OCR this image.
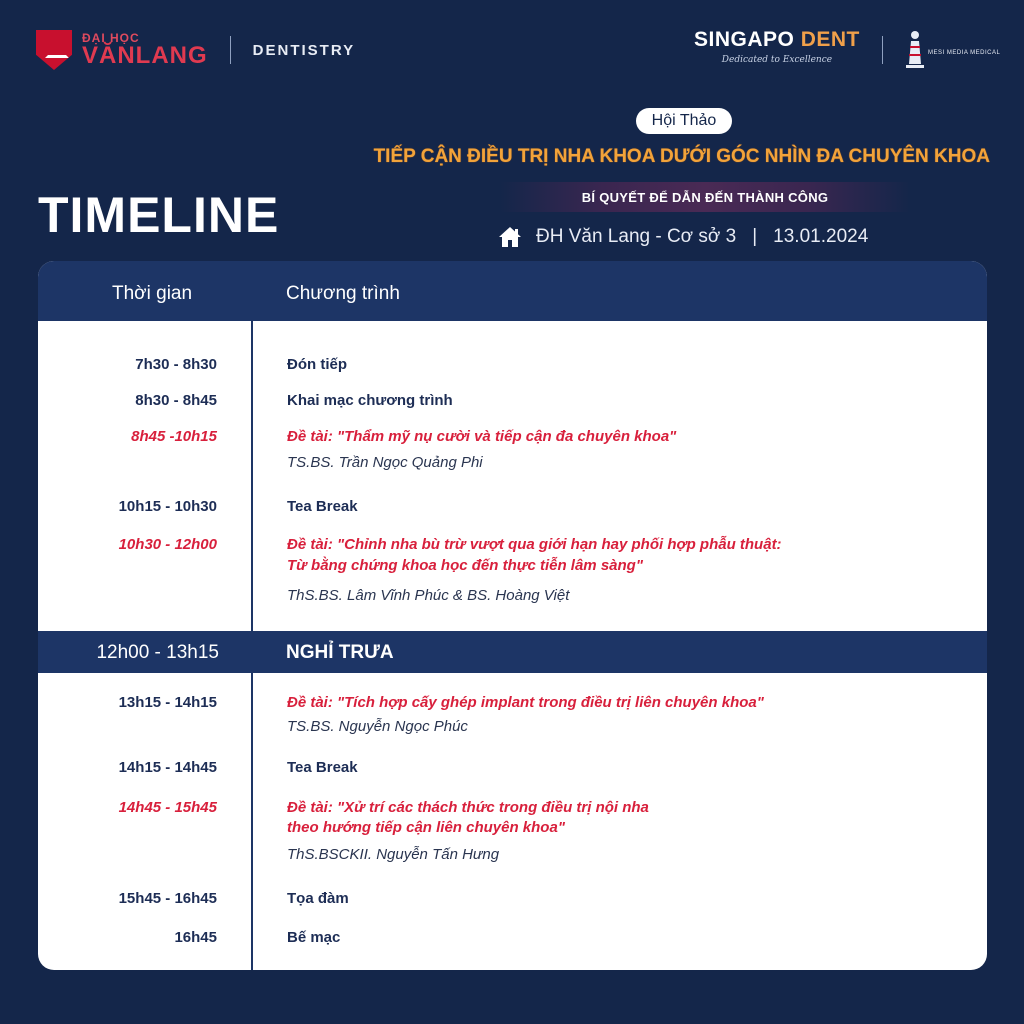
ĐẠI HỌC
VĂNLANG	DENTISTRY	SINGAPO DENT
Dedicated to Excellence
MESI MEDIA MEDICAL
Hội Thảo
TIẾP CẬN ĐIỀU TRỊ NHA KHOA DƯỚI GÓC NHÌN ĐA CHUYÊN KHOA
BÍ QUYẾT ĐỂ DẪN ĐẾN THÀNH CÔNG
TIMELINE	ĐH Văn Lang - Cơ sở 3 | 13.01.2024
Thời gian	Chương trình
7h30 - 8h30	Đón tiếp
8h30 - 8h45	Khai mạc chương trình
8h45 -10h15	Đề tài: "Thẩm mỹ nụ cười và tiếp cận đa chuyên khoa"
TS.BS. Trần Ngọc Quảng Phi
10h15 - 10h30	Tea Break
10h30 - 12h00	Đề tài: "Chỉnh nha bù trừ vượt qua giới hạn hay phối hợp phẫu thuật:
Từ bằng chứng khoa học đến thực tiễn lâm sàng"
ThS.BS. Lâm Vĩnh Phúc & BS. Hoàng Việt
12h00 - 13h15	NGHỈ TRƯA
13h15 - 14h15	Đề tài: "Tích hợp cấy ghép implant trong điều trị liên chuyên khoa"
TS.BS. Nguyễn Ngọc Phúc
14h15 - 14h45	Tea Break
14h45 - 15h45	Đề tài: "Xử trí các thách thức trong điều trị nội nha
theo hướng tiếp cận liên chuyên khoa"
ThS.BSCKII. Nguyễn Tấn Hưng
15h45 - 16h45	Tọa đàm
16h45	Bế mạc
